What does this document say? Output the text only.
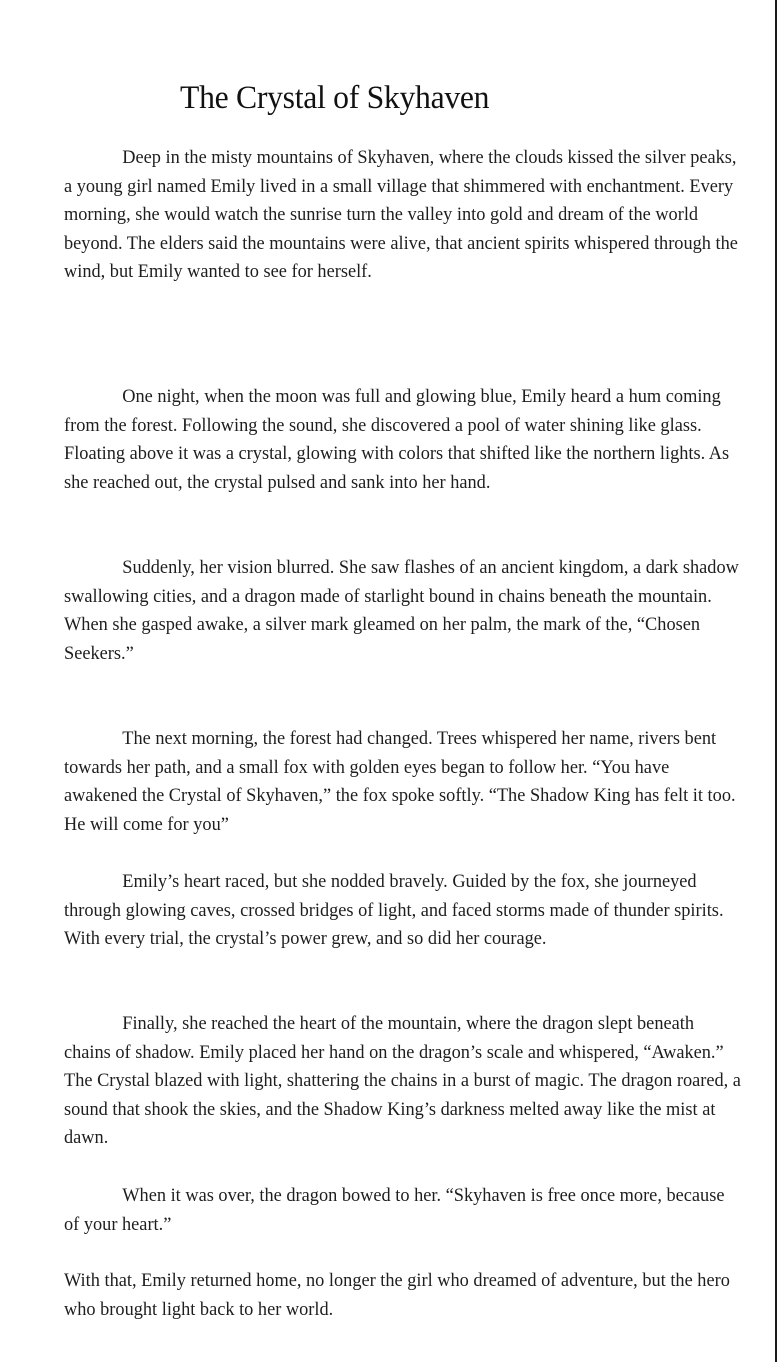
The Crystal of Skyhaven

Deep in the misty mountains of Skyhaven, where the clouds kissed the silver peaks, a young girl named Emily lived in a small village that shimmered with enchantment. Every morning, she would watch the sunrise turn the valley into gold and dream of the world beyond. The elders said the mountains were alive, that ancient spirits whispered through the wind, but Emily wanted to see for herself.

One night, when the moon was full and glowing blue, Emily heard a hum coming from the forest. Following the sound, she discovered a pool of water shining like glass. Floating above it was a crystal, glowing with colors that shifted like the northern lights. As she reached out, the crystal pulsed and sank into her hand.

Suddenly, her vision blurred. She saw flashes of an ancient kingdom, a dark shadow swallowing cities, and a dragon made of starlight bound in chains beneath the mountain. When she gasped awake, a silver mark gleamed on her palm, the mark of the, “Chosen Seekers.”

The next morning, the forest had changed. Trees whispered her name, rivers bent towards her path, and a small fox with golden eyes began to follow her. “You have awakened the Crystal of Skyhaven,” the fox spoke softly. “The Shadow King has felt it too. He will come for you”

Emily’s heart raced, but she nodded bravely. Guided by the fox, she journeyed through glowing caves, crossed bridges of light, and faced storms made of thunder spirits. With every trial, the crystal’s power grew, and so did her courage.

Finally, she reached the heart of the mountain, where the dragon slept beneath chains of shadow. Emily placed her hand on the dragon’s scale and whispered, “Awaken.” The Crystal blazed with light, shattering the chains in a burst of magic. The dragon roared, a sound that shook the skies, and the Shadow King’s darkness melted away like the mist at dawn.

When it was over, the dragon bowed to her. “Skyhaven is free once more, because of your heart.”

With that, Emily returned home, no longer the girl who dreamed of adventure, but the hero who brought light back to her world.
